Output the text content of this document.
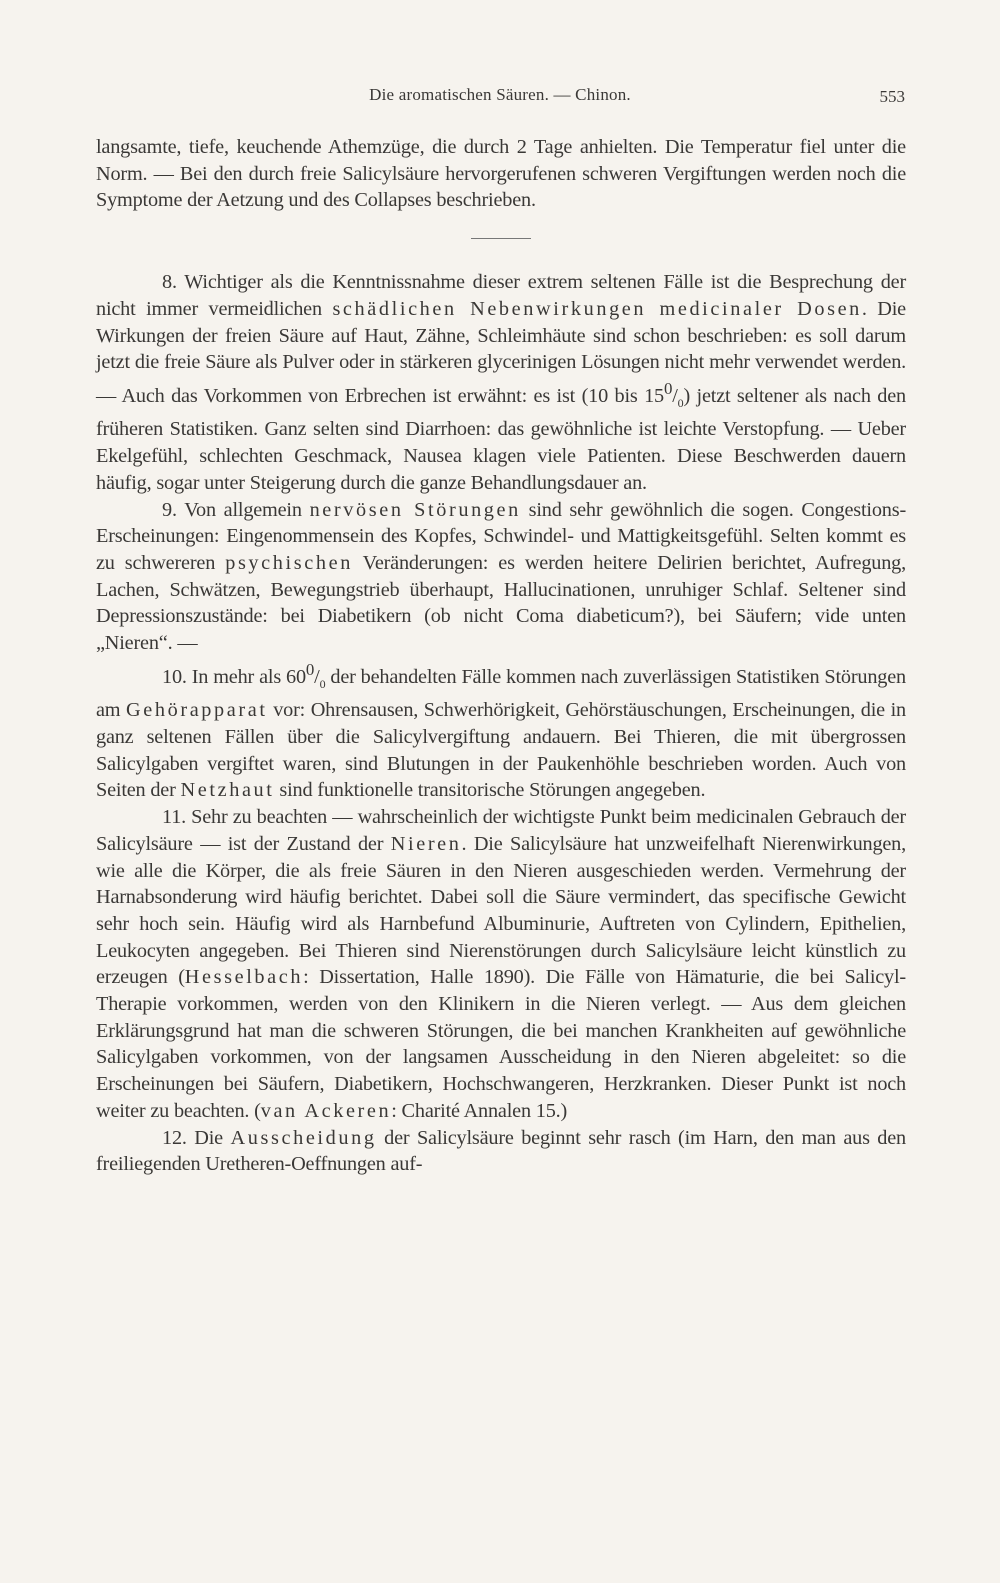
Die aromatischen Säuren. — Chinon.	553

langsamte, tiefe, keuchende Athemzüge, die durch 2 Tage anhielten. Die Temperatur fiel unter die Norm. — Bei den durch freie Salicylsäure hervorgerufenen schweren Vergiftungen werden noch die Symptome der Aetzung und des Collapses beschrieben.

8. Wichtiger als die Kenntnissnahme dieser extrem seltenen Fälle ist die Besprechung der nicht immer vermeidlichen schädlichen Nebenwirkungen medicinaler Dosen. Die Wirkungen der freien Säure auf Haut, Zähne, Schleimhäute sind schon beschrieben: es soll darum jetzt die freie Säure als Pulver oder in stärkeren glycerinigen Lösungen nicht mehr verwendet werden. — Auch das Vorkommen von Erbrechen ist erwähnt: es ist (10 bis $15^0/_0$) jetzt seltener als nach den früheren Statistiken. Ganz selten sind Diarrhoen: das gewöhnliche ist leichte Verstopfung. — Ueber Ekelgefühl, schlechten Geschmack, Nausea klagen viele Patienten. Diese Beschwerden dauern häufig, sogar unter Steigerung durch die ganze Behandlungsdauer an.

9. Von allgemein nervösen Störungen sind sehr gewöhnlich die sogen. Congestions-Erscheinungen: Eingenommensein des Kopfes, Schwindel- und Mattigkeitsgefühl. Selten kommt es zu schwereren psychischen Veränderungen: es werden heitere Delirien berichtet, Aufregung, Lachen, Schwätzen, Bewegungstrieb überhaupt, Hallucinationen, unruhiger Schlaf. Seltener sind Depressionszustände: bei Diabetikern (ob nicht Coma diabeticum?), bei Säufern; vide unten „Nieren“. —

10. In mehr als $60^0/_0$ der behandelten Fälle kommen nach zuverlässigen Statistiken Störungen am Gehörapparat vor: Ohrensausen, Schwerhörigkeit, Gehörstäuschungen, Erscheinungen, die in ganz seltenen Fällen über die Salicylvergiftung andauern. Bei Thieren, die mit übergrossen Salicylgaben vergiftet waren, sind Blutungen in der Paukenhöhle beschrieben worden. Auch von Seiten der Netzhaut sind funktionelle transitorische Störungen angegeben.

11. Sehr zu beachten — wahrscheinlich der wichtigste Punkt beim medicinalen Gebrauch der Salicylsäure — ist der Zustand der Nieren. Die Salicylsäure hat unzweifelhaft Nierenwirkungen, wie alle die Körper, die als freie Säuren in den Nieren ausgeschieden werden. Vermehrung der Harnabsonderung wird häufig berichtet. Dabei soll die Säure vermindert, das specifische Gewicht sehr hoch sein. Häufig wird als Harnbefund Albuminurie, Auftreten von Cylindern, Epithelien, Leukocyten angegeben. Bei Thieren sind Nierenstörungen durch Salicylsäure leicht künstlich zu erzeugen (Hesselbach: Dissertation, Halle 1890). Die Fälle von Hämaturie, die bei Salicyl-Therapie vorkommen, werden von den Klinikern in die Nieren verlegt. — Aus dem gleichen Erklärungsgrund hat man die schweren Störungen, die bei manchen Krankheiten auf gewöhnliche Salicylgaben vorkommen, von der langsamen Ausscheidung in den Nieren abgeleitet: so die Erscheinungen bei Säufern, Diabetikern, Hochschwangeren, Herzkranken. Dieser Punkt ist noch weiter zu beachten. (van Ackeren: Charité Annalen 15.)

12. Die Ausscheidung der Salicylsäure beginnt sehr rasch (im Harn, den man aus den freiliegenden Uretheren-Oeffnungen auf-
